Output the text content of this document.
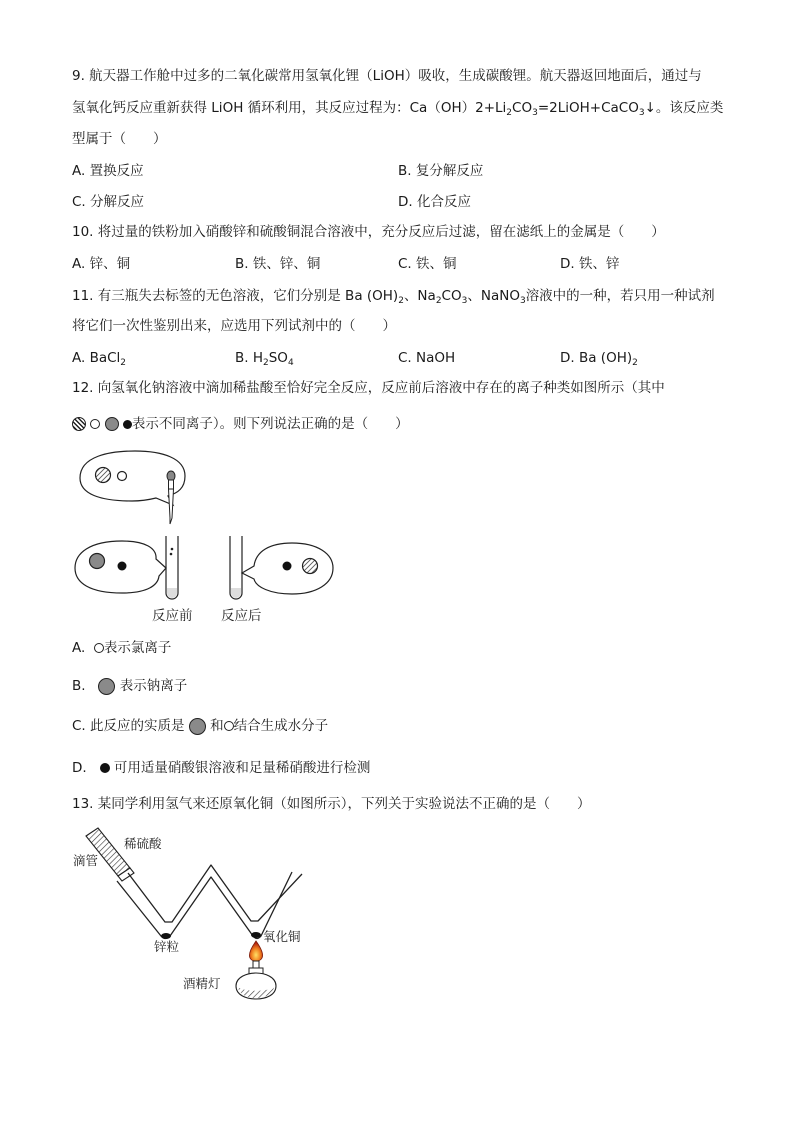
9. 航天器工作舱中过多的二氧化碳常用氢氧化锂（LiOH）吸收，生成碳酸锂。航天器返回地面后，通过与
氢氧化钙反应重新获得 LiOH 循环利用，其反应过程为：$Ca(OH)2+Li_2CO_3=2LiOH+CaCO_3↓$。该反应类
型属于（　　）
A. 置换反应	B. 复分解反应
C. 分解反应	D. 化合反应
10. 将过量的铁粉加入硝酸锌和硫酸铜混合溶液中，充分反应后过滤，留在滤纸上的金属是（　　）
A. 锌、铜	B. 铁、锌、铜	C. 铁、铜	D. 铁、锌
11. 有三瓶失去标签的无色溶液，它们分别是 Ba $(OH)_2$、$Na_2CO_3$、NaNO$_3$溶液中的一种，若只用一种试剂
将它们一次性鉴别出来，应选用下列试剂中的（　　）
A. BaCl$_2$	B. $H_2SO_4$	C. NaOH	D. Ba $(OH)_2$
12. 向氢氧化钠溶液中滴加稀盐酸至恰好完全反应，反应前后溶液中存在的离子种类如图所示（其中
表示不同离子）。则下列说法正确的是（　　）
反应前 反应后
A. 表示氯离子
B.	表示钠离子
C. 此反应的实质是 和 结合生成水分子
D. 可用适量硝酸银溶液和足量稀硝酸进行检测
13. 某同学利用氢气来还原氧化铜（如图所示），下列关于实验说法不正确的是（　　）
稀硫酸
滴管
锌粒
氧化铜
酒精灯
